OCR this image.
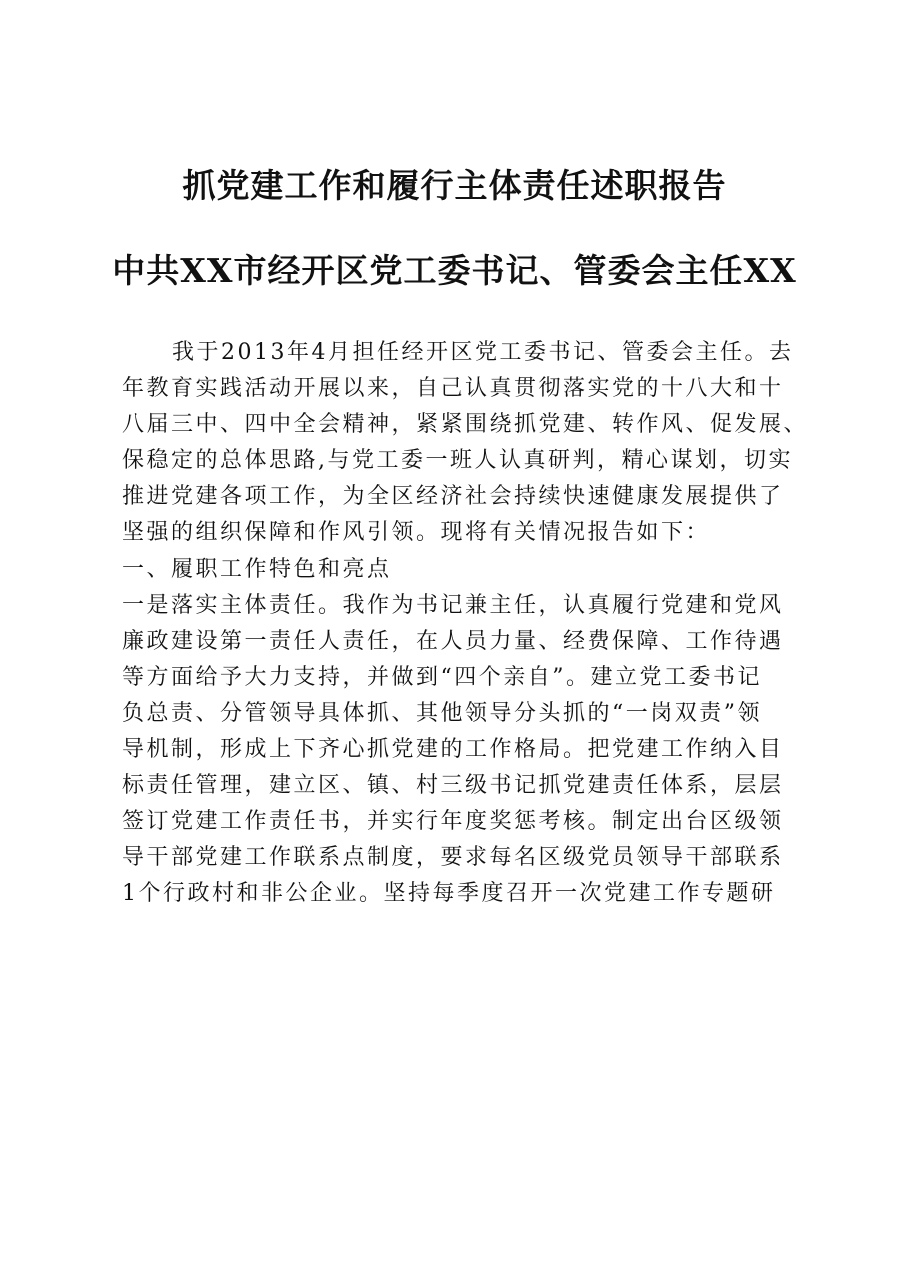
抓党建工作和履行主体责任述职报告
中共XX市经开区党工委书记、管委会主任XX
我于2013年4月担任经开区党工委书记、管委会主任。去
年教育实践活动开展以来，自己认真贯彻落实党的十八大和十
八届三中、四中全会精神，紧紧围绕抓党建、转作风、促发展、
保稳定的总体思路,与党工委一班人认真研判，精心谋划，切实
推进党建各项工作，为全区经济社会持续快速健康发展提供了
坚强的组织保障和作风引领。现将有关情况报告如下：
一、履职工作特色和亮点
一是落实主体责任。我作为书记兼主任，认真履行党建和党风
廉政建设第一责任人责任，在人员力量、经费保障、工作待遇
等方面给予大力支持，并做到“四个亲自”。建立党工委书记
负总责、分管领导具体抓、其他领导分头抓的“一岗双责”领
导机制，形成上下齐心抓党建的工作格局。把党建工作纳入目
标责任管理，建立区、镇、村三级书记抓党建责任体系，层层
签订党建工作责任书，并实行年度奖惩考核。制定出台区级领
导干部党建工作联系点制度，要求每名区级党员领导干部联系
1个行政村和非公企业。坚持每季度召开一次党建工作专题研
